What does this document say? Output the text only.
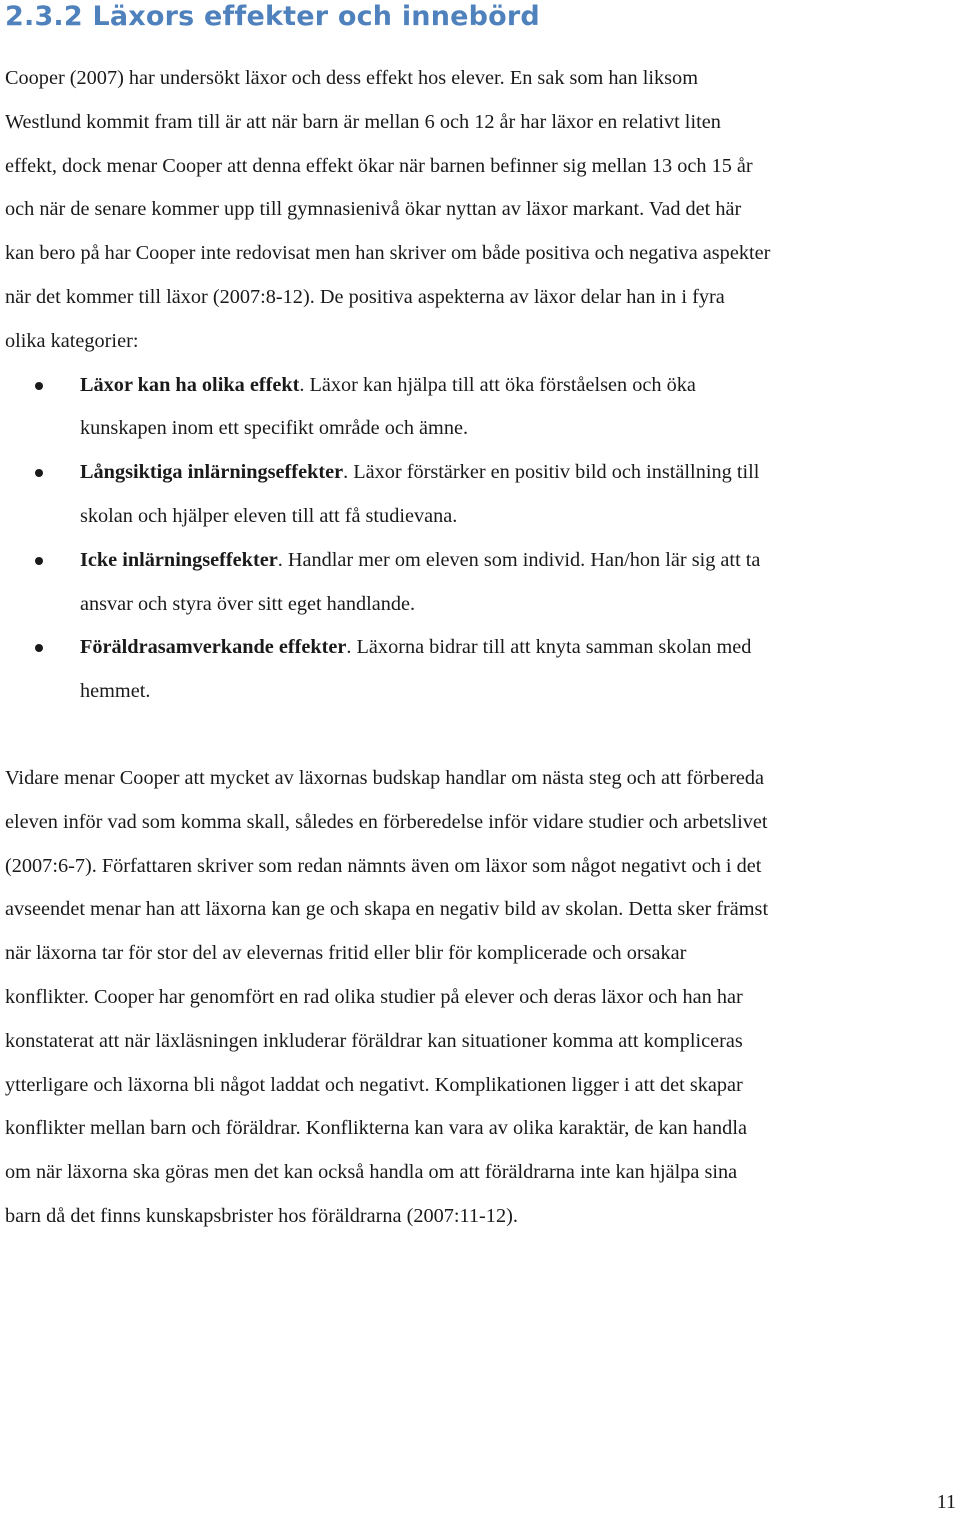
2.3.2 Läxors effekter och innebörd

Cooper (2007) har undersökt läxor och dess effekt hos elever. En sak som han liksom
Westlund kommit fram till är att när barn är mellan 6 och 12 år har läxor en relativt liten
effekt, dock menar Cooper att denna effekt ökar när barnen befinner sig mellan 13 och 15 år
och när de senare kommer upp till gymnasienivå ökar nyttan av läxor markant. Vad det här
kan bero på har Cooper inte redovisat men han skriver om både positiva och negativa aspekter
när det kommer till läxor (2007:8‐12). De positiva aspekterna av läxor delar han in i fyra
olika kategorier:

Läxor kan ha olika effekt. Läxor kan hjälpa till att öka förståelsen och öka
kunskapen inom ett specifikt område och ämne.
Långsiktiga inlärningseffekter. Läxor förstärker en positiv bild och inställning till
skolan och hjälper eleven till att få studievana.
Icke inlärningseffekter. Handlar mer om eleven som individ. Han/hon lär sig att ta
ansvar och styra över sitt eget handlande.
Föräldrasamverkande effekter. Läxorna bidrar till att knyta samman skolan med
hemmet.

Vidare menar Cooper att mycket av läxornas budskap handlar om nästa steg och att förbereda
eleven inför vad som komma skall, således en förberedelse inför vidare studier och arbetslivet
(2007:6-7). Författaren skriver som redan nämnts även om läxor som något negativt och i det
avseendet menar han att läxorna kan ge och skapa en negativ bild av skolan. Detta sker främst
när läxorna tar för stor del av elevernas fritid eller blir för komplicerade och orsakar
konflikter. Cooper har genomfört en rad olika studier på elever och deras läxor och han har
konstaterat att när läxläsningen inkluderar föräldrar kan situationer komma att kompliceras
ytterligare och läxorna bli något laddat och negativt. Komplikationen ligger i att det skapar
konflikter mellan barn och föräldrar. Konflikterna kan vara av olika karaktär, de kan handla
om när läxorna ska göras men det kan också handla om att föräldrarna inte kan hjälpa sina
barn då det finns kunskapsbrister hos föräldrarna (2007:11‐12).

11
